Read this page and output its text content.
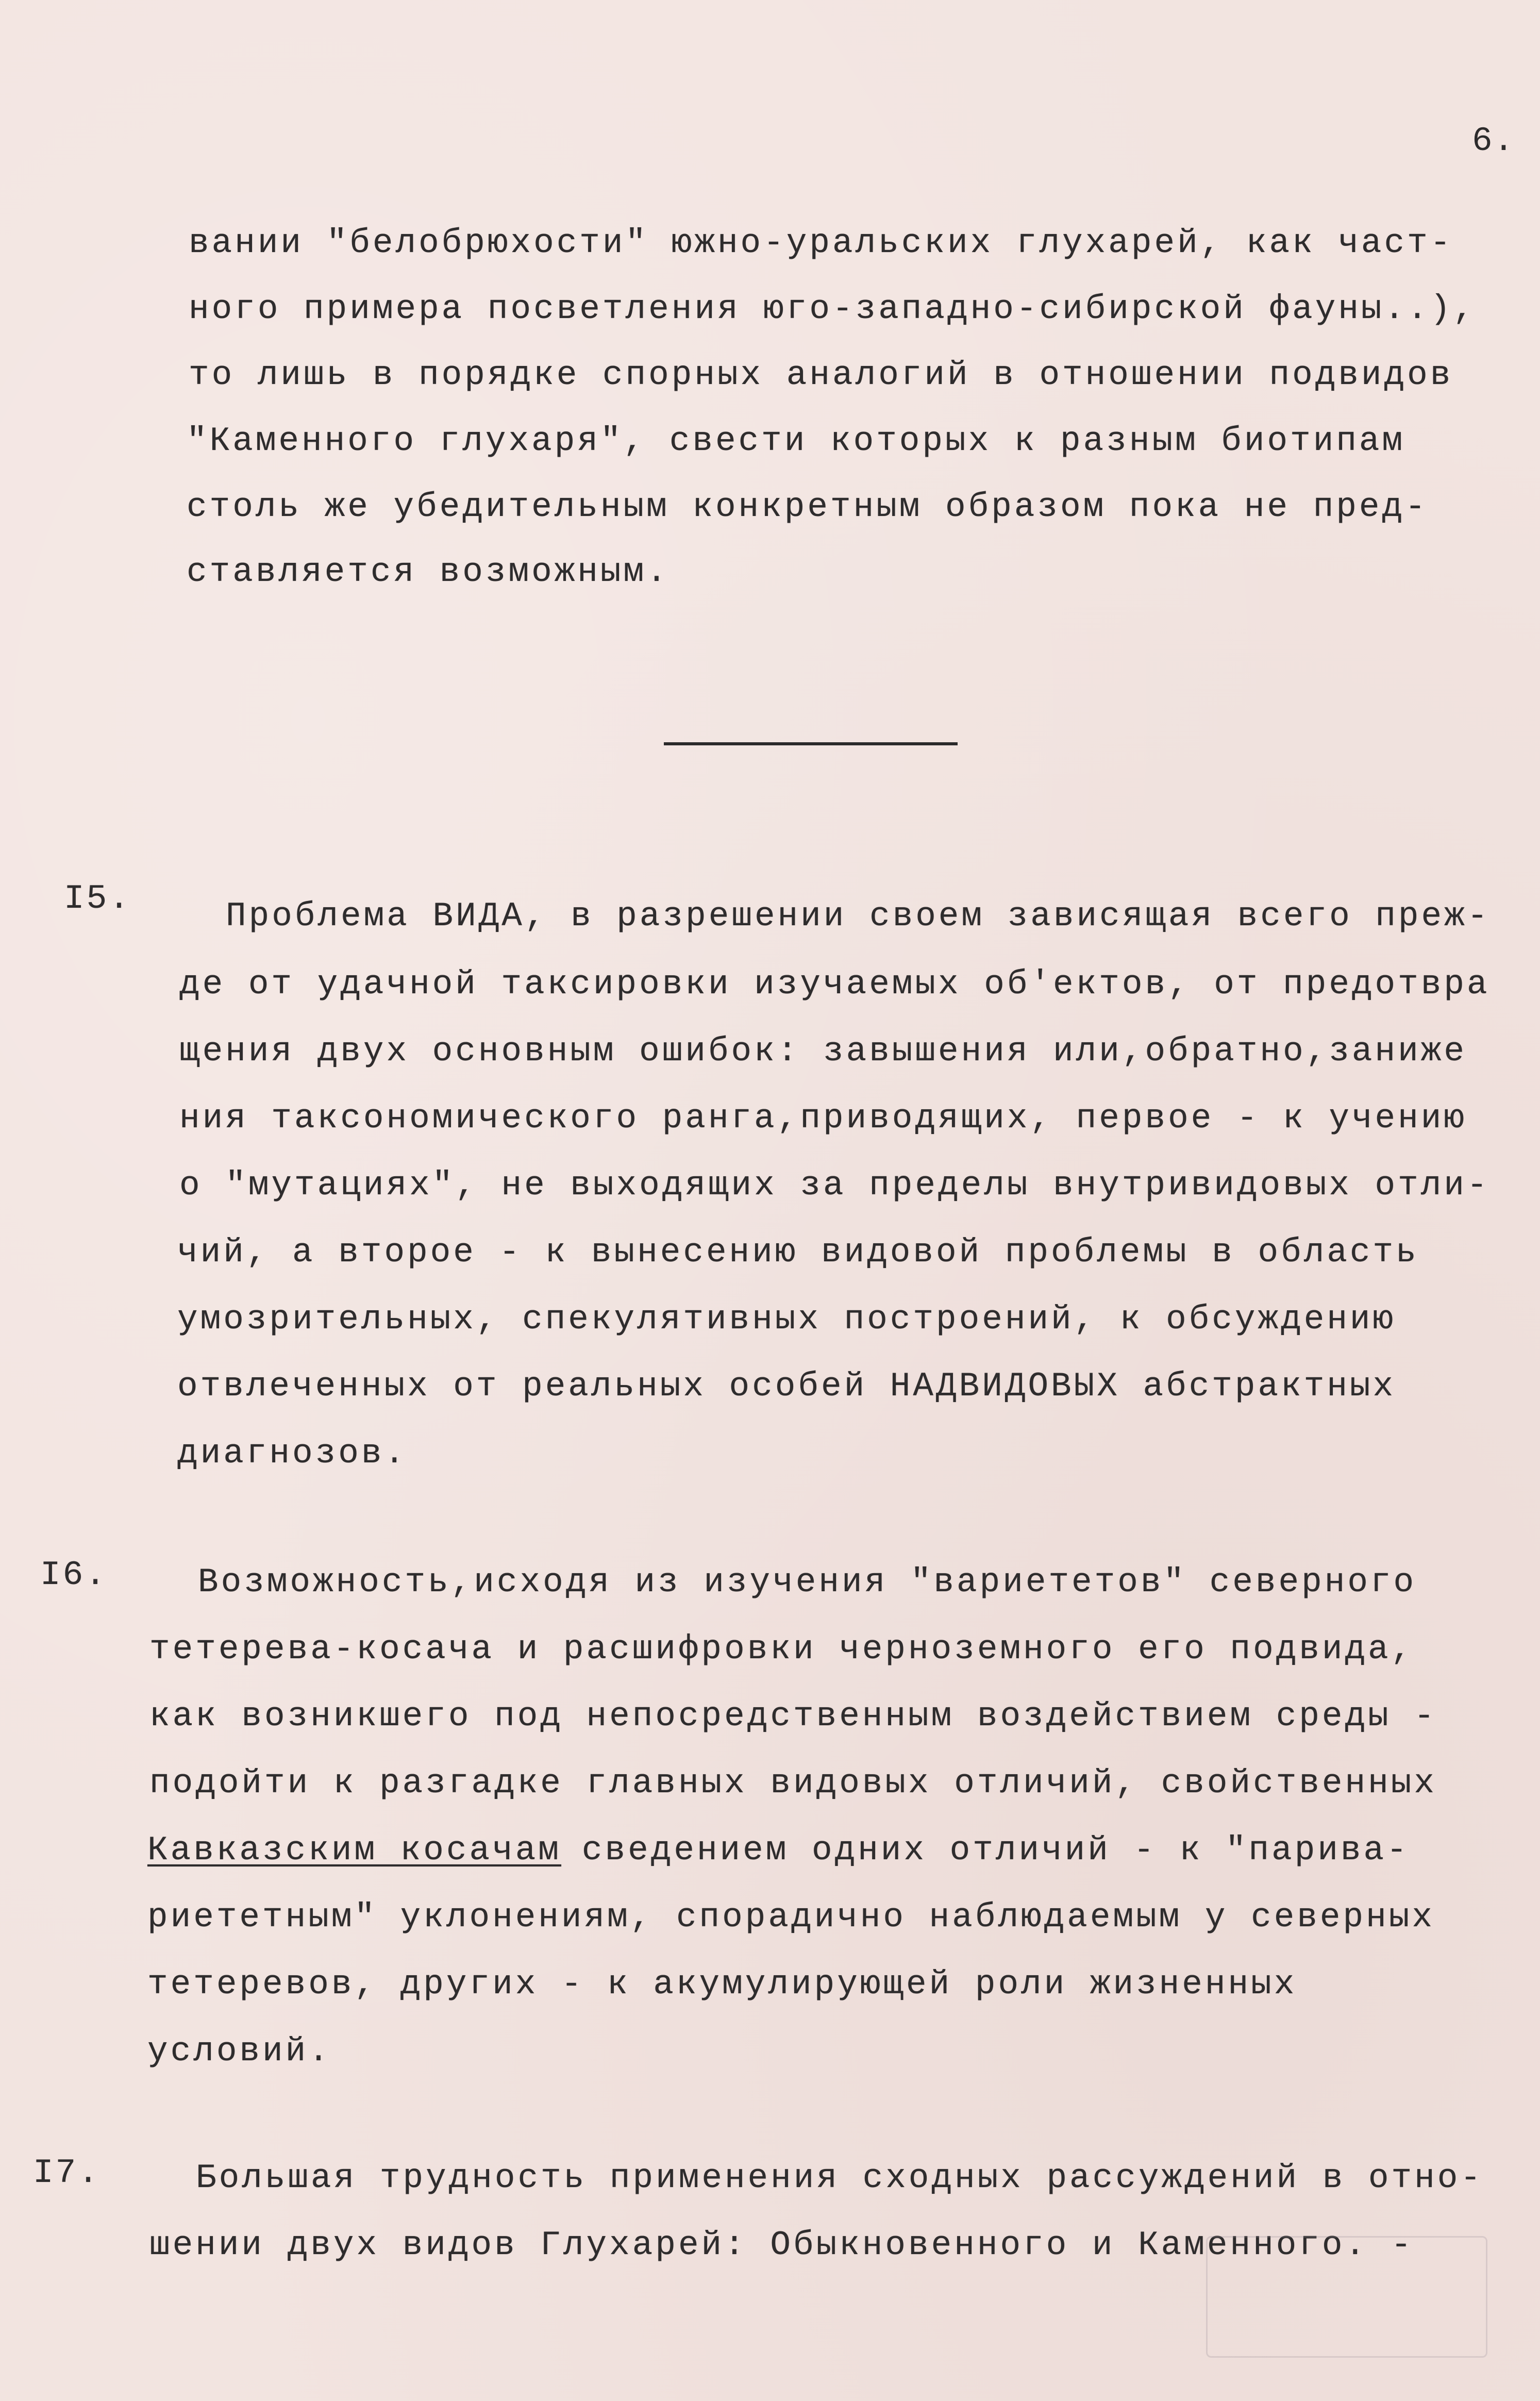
6.
вании "белобрюхости" южно-уральских глухарей, как част-
ного примера посветления юго-западно-сибирской фауны..),
то лишь в порядке спорных аналогий в отношении подвидов
"Каменного глухаря", свести которых к разным биотипам
столь же убедительным конкретным образом пока не пред-
ставляется возможным.
I5.	Проблема ВИДА, в разрешении своем зависящая всего преж-
де от удачной таксировки изучаемых об'ектов, от предотвра
щения двух основным ошибок: завышения или,обратно,заниже
ния таксономического ранга,приводящих, первое - к учению
о "мутациях", не выходящих за пределы внутривидовых отли-
чий, а второе - к вынесению видовой проблемы в область
умозрительных, спекулятивных построений, к обсуждению
отвлеченных от реальных особей НАДВИДОВЫХ абстрактных
диагнозов.
I6.	Возможность,исходя из изучения "вариететов" северного
тетерева-косача и расшифровки черноземного его подвида,
как возникшего под непосредственным воздействием среды -
подойти к разгадке главных видовых отличий, свойственных
Кавказским косачам сведением одних отличий - к "парива-
риететным" уклонениям, спорадично наблюдаемым у северных
тетеревов, других - к акумулирующей роли жизненных
условий.
I7.	Большая трудность применения сходных рассуждений в отно-
шении двух видов Глухарей: Обыкновенного и Каменного. -
